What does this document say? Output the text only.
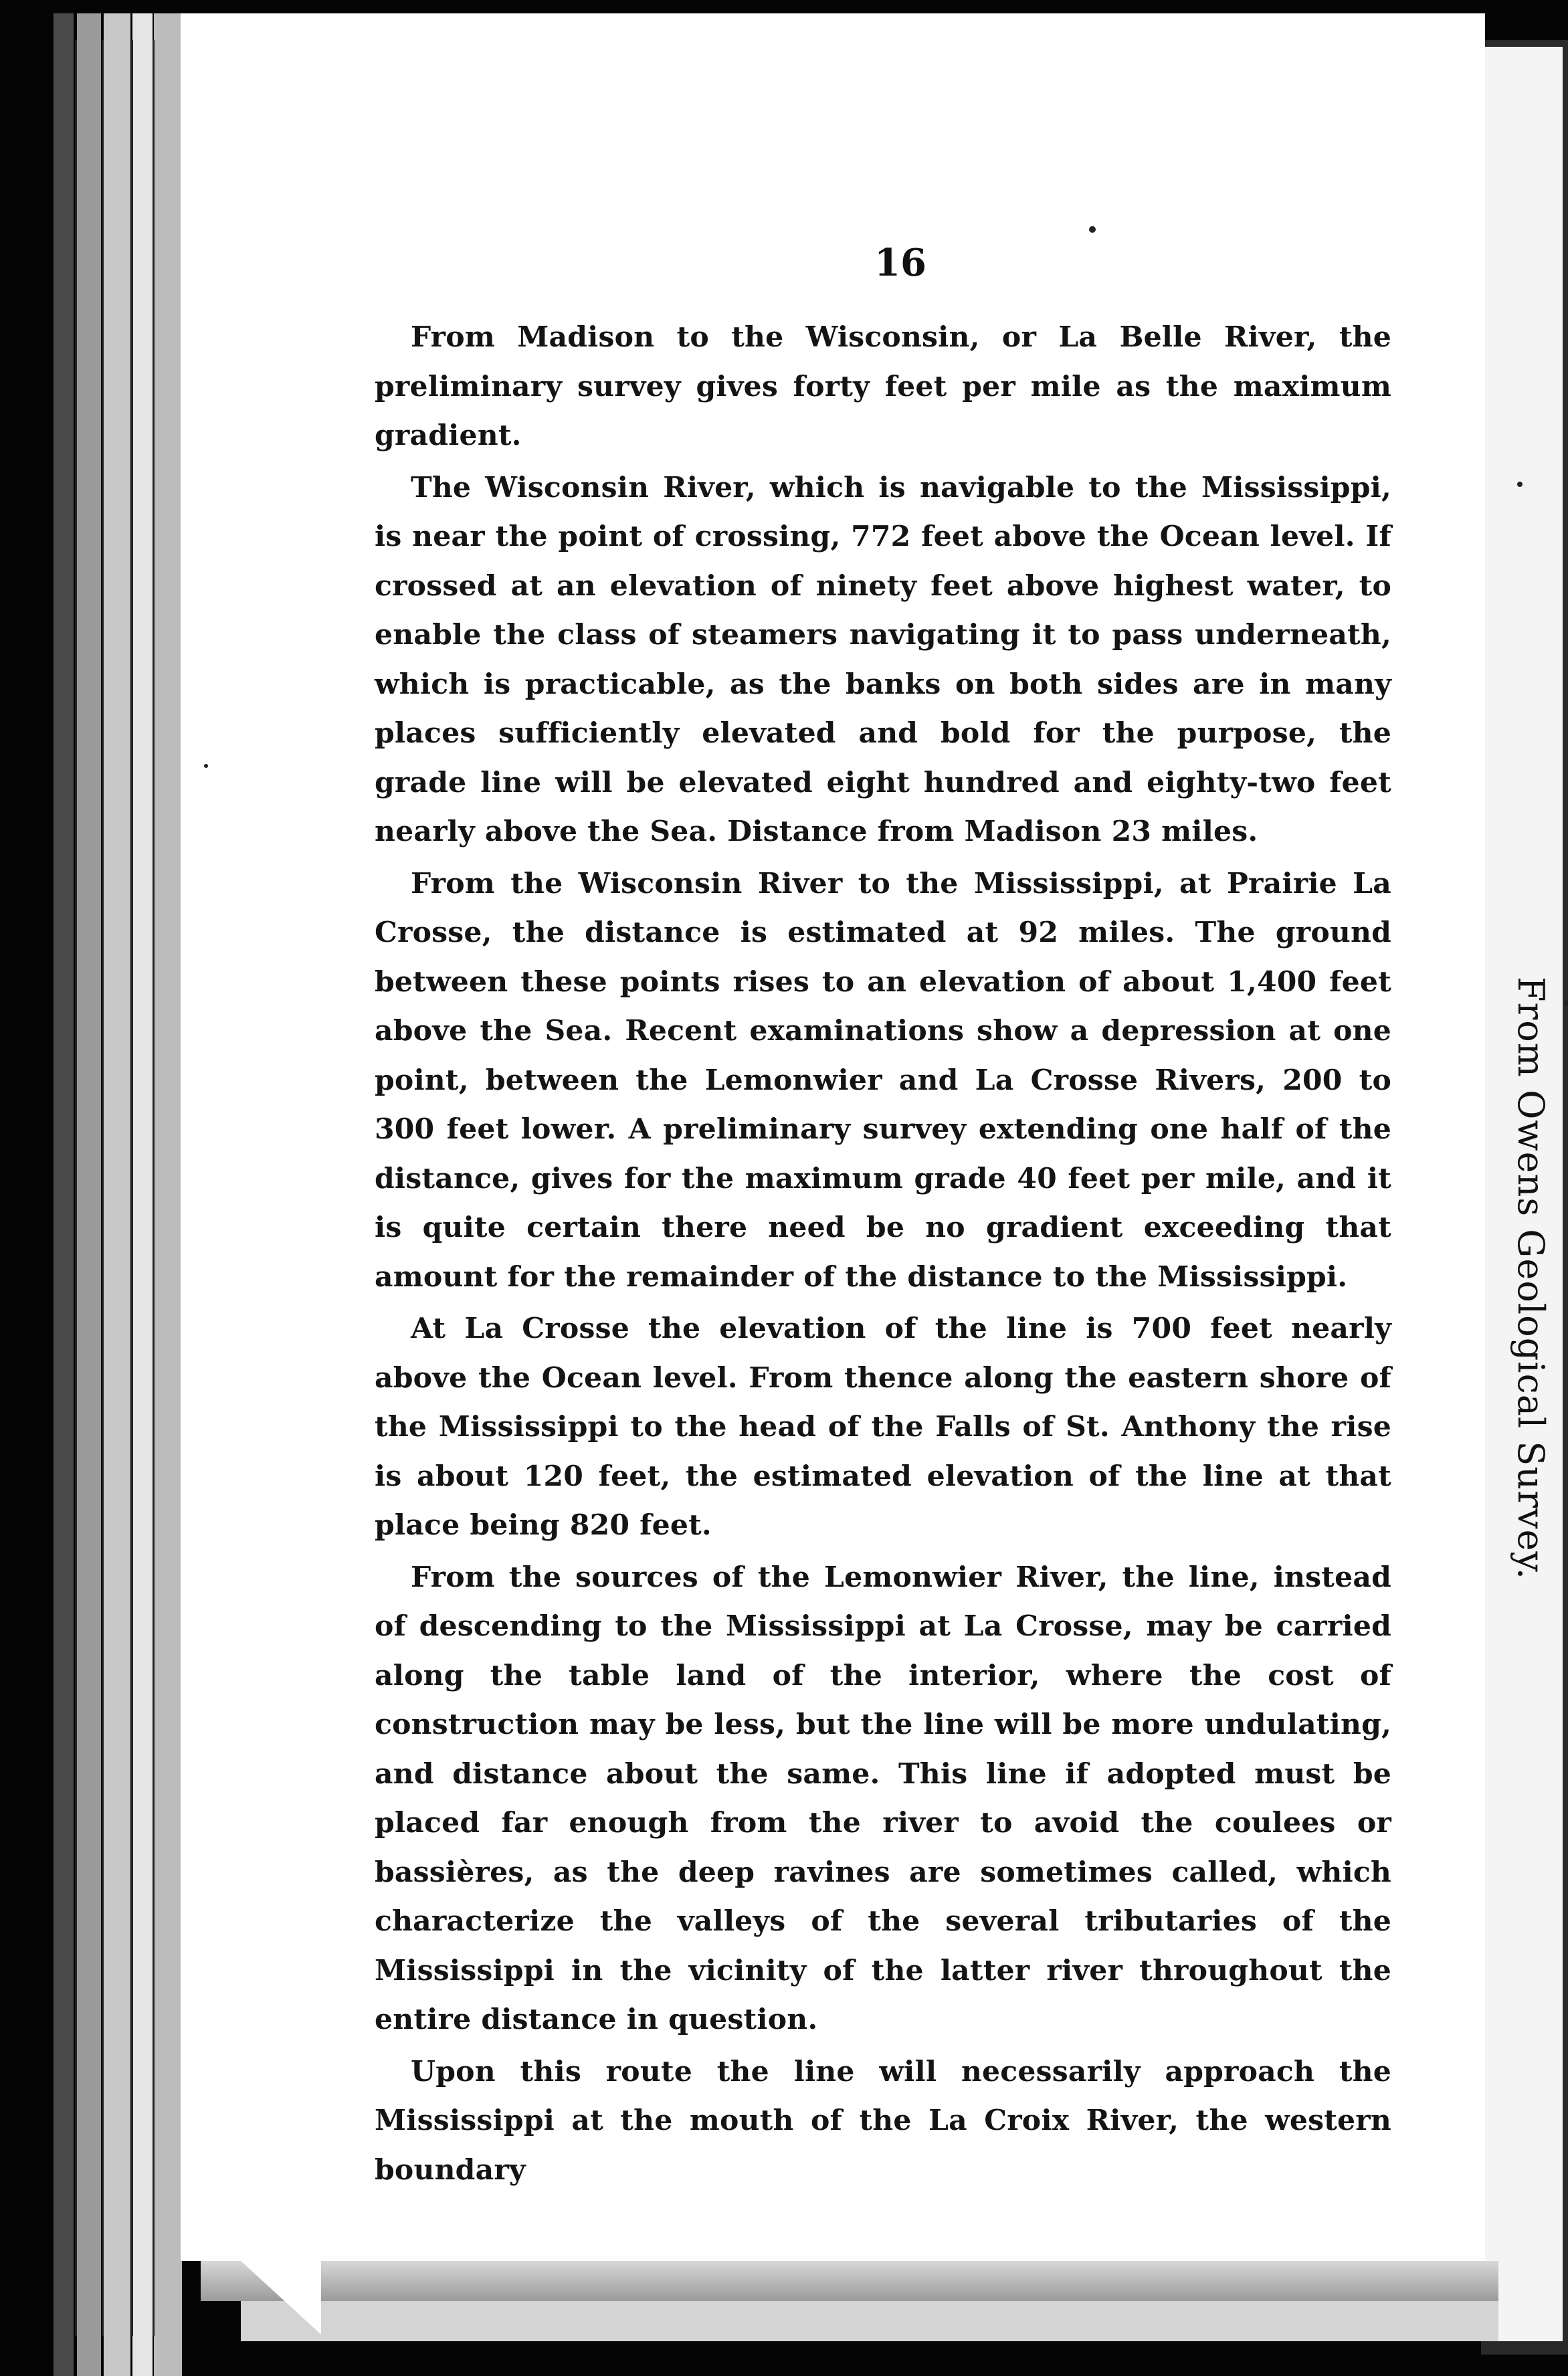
From Owens Geological Survey.
16

From Madison to the Wisconsin, or La Belle River, the preliminary survey gives forty feet per mile as the maximum gradient.

The Wisconsin River, which is navigable to the Mississippi, is near the point of crossing, 772 feet above the Ocean level. If crossed at an elevation of ninety feet above highest water, to enable the class of steamers navigating it to pass underneath, which is practicable, as the banks on both sides are in many places sufficiently elevated and bold for the purpose, the grade line will be elevated eight hundred and eighty-two feet nearly above the Sea. Distance from Madison 23 miles.

From the Wisconsin River to the Mississippi, at Prairie La Crosse, the distance is estimated at 92 miles. The ground between these points rises to an elevation of about 1,400 feet above the Sea. Recent examinations show a depression at one point, between the Lemonwier and La Crosse Rivers, 200 to 300 feet lower. A preliminary survey extending one half of the distance, gives for the maximum grade 40 feet per mile, and it is quite certain there need be no gradient exceeding that amount for the remainder of the distance to the Mississippi.

At La Crosse the elevation of the line is 700 feet nearly above the Ocean level. From thence along the eastern shore of the Mississippi to the head of the Falls of St. Anthony the rise is about 120 feet, the estimated elevation of the line at that place being 820 feet.

From the sources of the Lemonwier River, the line, instead of descending to the Mississippi at La Crosse, may be carried along the table land of the interior, where the cost of construction may be less, but the line will be more undulating, and distance about the same. This line if adopted must be placed far enough from the river to avoid the coulees or bassières, as the deep ravines are sometimes called, which characterize the valleys of the several tributaries of the Mississippi in the vicinity of the latter river throughout the entire distance in question.

Upon this route the line will necessarily approach the Mississippi at the mouth of the La Croix River, the western boundary
